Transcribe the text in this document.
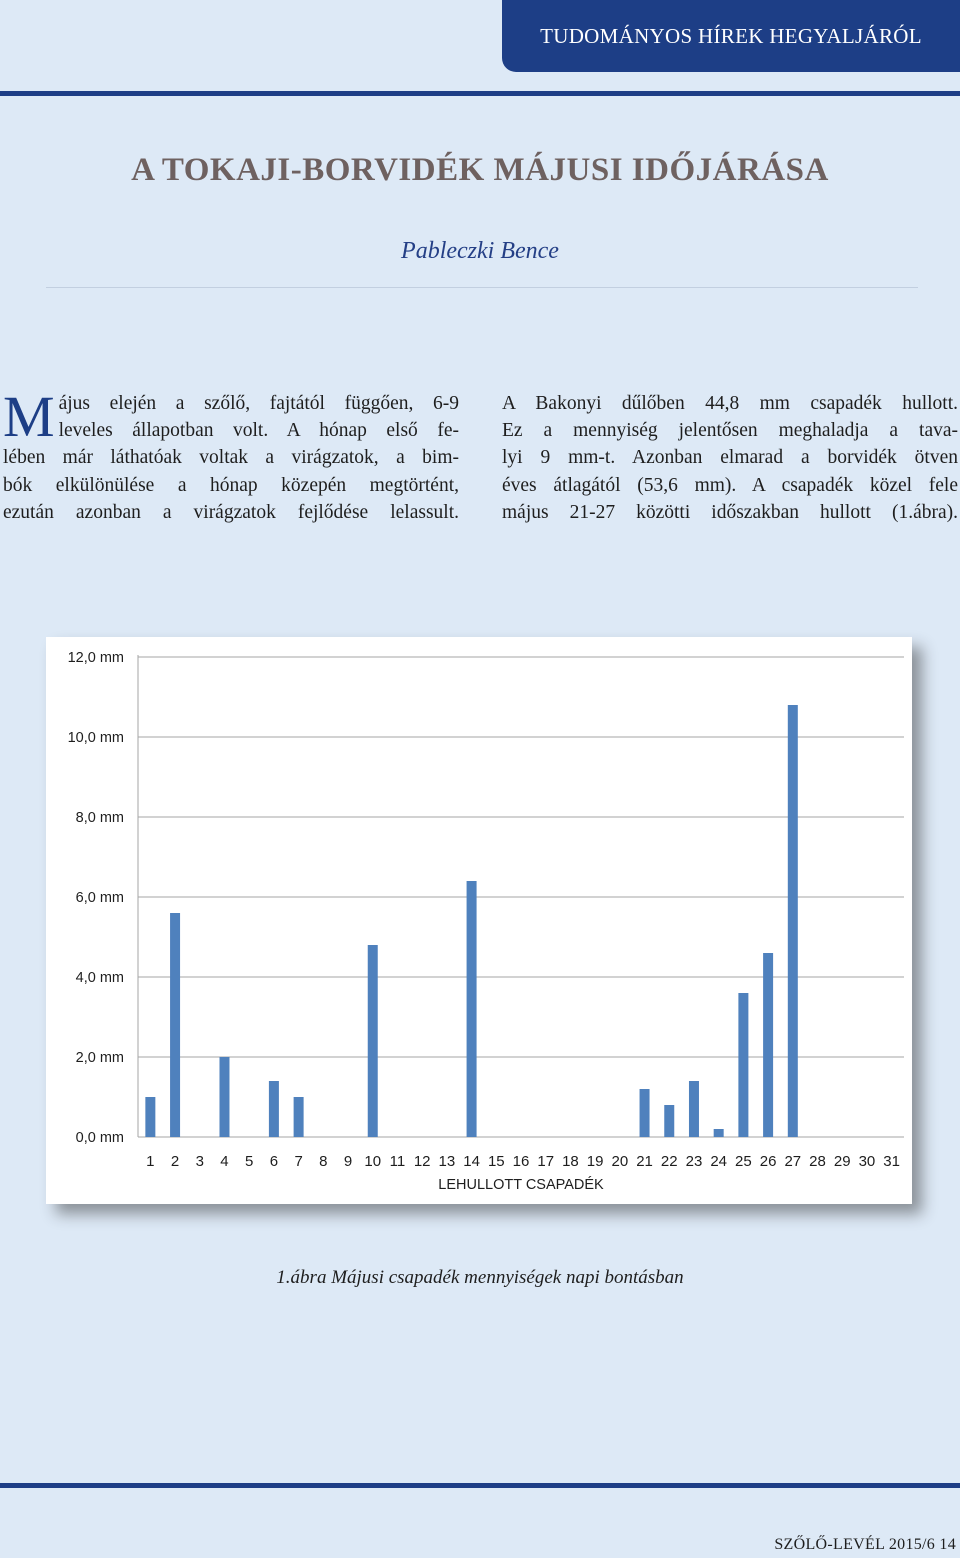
TUDOMÁNYOS HÍREK HEGYALJÁRÓL
A TOKAJI-BORVIDÉK MÁJUSI IDŐJÁRÁSA
Pableczki Bence
M ájus elején a szőlő, fajtától függően, 6-9
leveles állapotban volt. A hónap első fe-
lében már láthatóak voltak a virágzatok, a bim-
bók elkülönülése a hónap közepén megtörtént,
ezután azonban a virágzatok fejlődése lelassult.
A Bakonyi dűlőben 44,8 mm csapadék hullott.
Ez a mennyiség jelentősen meghaladja a tava-
lyi 9 mm-t. Azonban elmarad a borvidék ötven
éves átlagától (53,6 mm). A csapadék közel fele
május 21-27 közötti időszakban hullott (1.ábra).
0,0 mm
2,0 mm
4,0 mm
6,0 mm
8,0 mm
10,0 mm
12,0 mm
1 2 3 4 5 6 7 8 9 10 11 12 13 14 15 16 17 18 19 20 21 22 23 24 25 26 27 28 29 30 31
LEHULLOTT CSAPADÉK
1.ábra Májusi csapadék mennyiségek napi bontásban
SZŐLŐ-LEVÉL 2015/6 14
